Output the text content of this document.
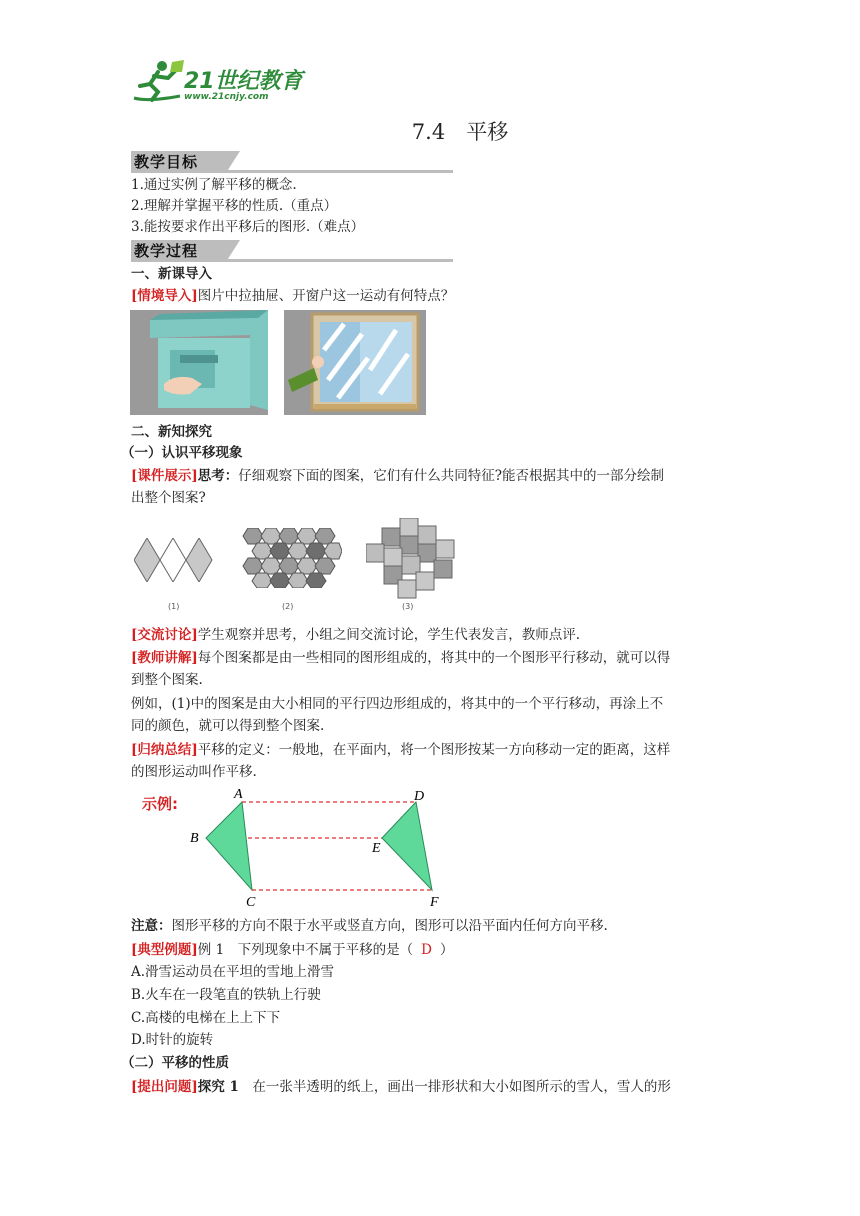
21世纪教育
www.21cnjy.com
7.4　平移
教学目标
1.通过实例了解平移的概念.
2.理解并掌握平移的性质.（重点）
3.能按要求作出平移后的图形.（难点）
教学过程
一、新课导入
[情境导入]图片中拉抽屉、开窗户这一运动有何特点？
二、新知探究
（一）认识平移现象
[课件展示]思考：仔细观察下面的图案，它们有什么共同特征?能否根据其中的一部分绘制
出整个图案?
(1)	(2)	(3)
[交流讨论]学生观察并思考，小组之间交流讨论，学生代表发言，教师点评.
[教师讲解]每个图案都是由一些相同的图形组成的，将其中的一个图形平行移动，就可以得
到整个图案.
例如，(1)中的图案是由大小相同的平行四边形组成的，将其中的一个平行移动，再涂上不
同的颜色，就可以得到整个图案.
[归纳总结]平移的定义：一般地，在平面内，将一个图形按某一方向移动一定的距离，这样
的图形运动叫作平移.
示例:
A
B
C
D
E
F
注意：图形平移的方向不限于水平或竖直方向，图形可以沿平面内任何方向平移.
[典型例题]例 1　下列现象中不属于平移的是（ D ）
A.滑雪运动员在平坦的雪地上滑雪
B.火车在一段笔直的铁轨上行驶
C.高楼的电梯在上上下下
D.时针的旋转
（二）平移的性质
[提出问题]探究 1　在一张半透明的纸上，画出一排形状和大小如图所示的雪人，雪人的形
